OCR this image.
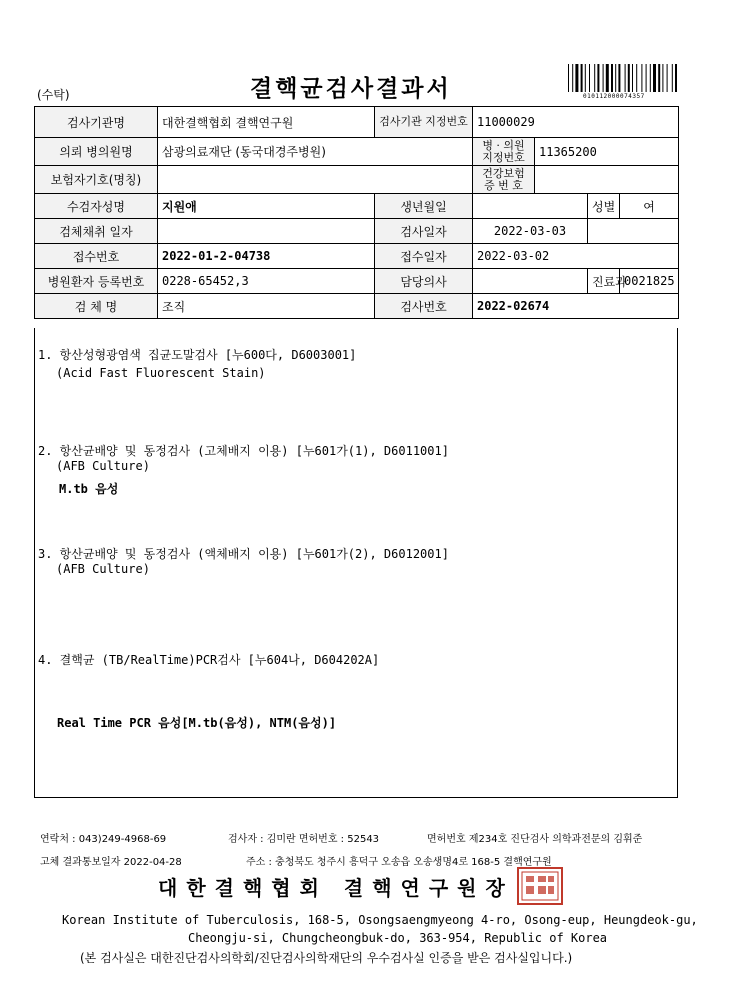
(수탁)	결핵균검사결과서	010112000074357
검사기관명	대한결핵협회 결핵연구원	검사기관 지정번호	11000029			
의뢰 병의원명	삼광의료재단 (동국대경주병원)		병 · 의원 지정번호	11365200		
보험자기호(명칭)			건강보험 증 번 호			
수검자성명	지원애	생년월일			성별	여
검체채취 일자		검사일자	2022-03-03			
접수번호	2022-01-2-04738	접수일자	2022-03-02			
병원환자 등록번호	0228-65452,3	담당의사			진료과	0021825
검 체 명	조직	검사번호	2022-02674			
1. 항산성형광염색 집균도말검사 [누600다, D6003001]
(Acid Fast Fluorescent Stain)
2. 항산균배양 및 동정검사 (고체배지 이용) [누601가(1), D6011001]
(AFB Culture)
M.tb 음성
3. 항산균배양 및 동정검사 (액체배지 이용) [누601가(2), D6012001]
(AFB Culture)
4. 결핵균 (TB/RealTime)PCR검사 [누604나, D604202A]
Real Time PCR 음성[M.tb(음성), NTM(음성)]
연락처 : 043)249-4968-69	검사자 : 김미란 면허번호 : 52543	면허번호 제234호 진단검사 의학과전문의 김휘준
고체 결과통보일자 2022-04-28	주소 : 충청북도 청주시 흥덕구 오송읍 오송생명4로 168-5 결핵연구원
대한결핵협회 결핵연구원장
Korean Institute of Tuberculosis, 168-5, Osongsaengmyeong 4-ro, Osong-eup, Heungdeok-gu,
Cheongju-si, Chungcheongbuk-do, 363-954, Republic of Korea
(본 검사실은 대한진단검사의학회/진단검사의학재단의 우수검사실 인증을 받은 검사실입니다.)
